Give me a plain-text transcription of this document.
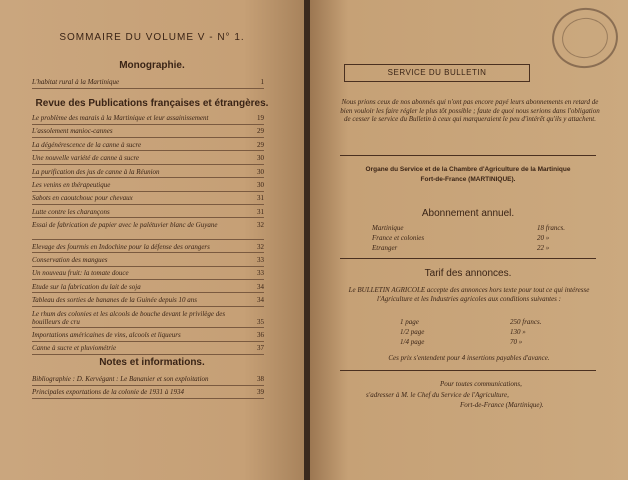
SOMMAIRE DU VOLUME V - N° 1.
Monographie.
Revue des Publications françaises et étrangères.
Notes et informations.
L'habitat rural à la Martinique	1
Le problème des marais à la Martinique et leur assainissement	19
L'assolement manioc-cannes	29
La dégénérescence de la canne à sucre	29
Une nouvelle variété de canne à sucre	30
La purification des jus de canne à la Réunion	30
Les venins en thérapeutique	30
Sabots en caoutchouc pour chevaux	31
Lutte contre les charançons	31
Essai de fabrication de papier avec le palétuvier blanc de Guyane	32
Elevage des fourmis en Indochine pour la défense des orangers	32
Conservation des mangues	33
Un nouveau fruit: la tomate douce	33
Etude sur la fabrication du lait de soja	34
Tableau des sorties de bananes de la Guinée depuis 10 ans	34
Le rhum des colonies et les alcools de bouche devant le privilège des bouilleurs de cru	35
Importations américaines de vins, alcools et liqueurs	36
Canne à sucre et pluviométrie	37
Bibliographie : D. Kervégant : Le Bananier et son exploitation	38
Principales exportations de la colonie de 1931 à 1934	39
SERVICE DU BULLETIN
Nous prions ceux de nos abonnés qui n'ont pas encore payé leurs abonnements en retard de bien vouloir les faire régler le plus tôt possible ; faute de quoi nous serions dans l'obligation de cesser le service du Bulletin à ceux qui marqueraient le peu d'intérêt qu'ils y attachent.
Organe du Service et de la Chambre d'Agriculture de la Martinique
Fort-de-France (MARTINIQUE).
Abonnement annuel.
Martinique	18 francs.
France et colonies	20 »
Etranger	22 »
Tarif des annonces.
Le BULLETIN AGRICOLE accepte des annonces hors texte pour tout ce qui intéresse l'Agriculture et les Industries agricoles aux conditions suivantes :
1 page	250 francs.
1/2 page	130 »
1/4 page	70 »
Ces prix s'entendent pour 4 insertions payables d'avance.
Pour toutes communications,
s'adresser à M. le Chef du Service de l'Agriculture,
Fort-de-France (Martinique).
